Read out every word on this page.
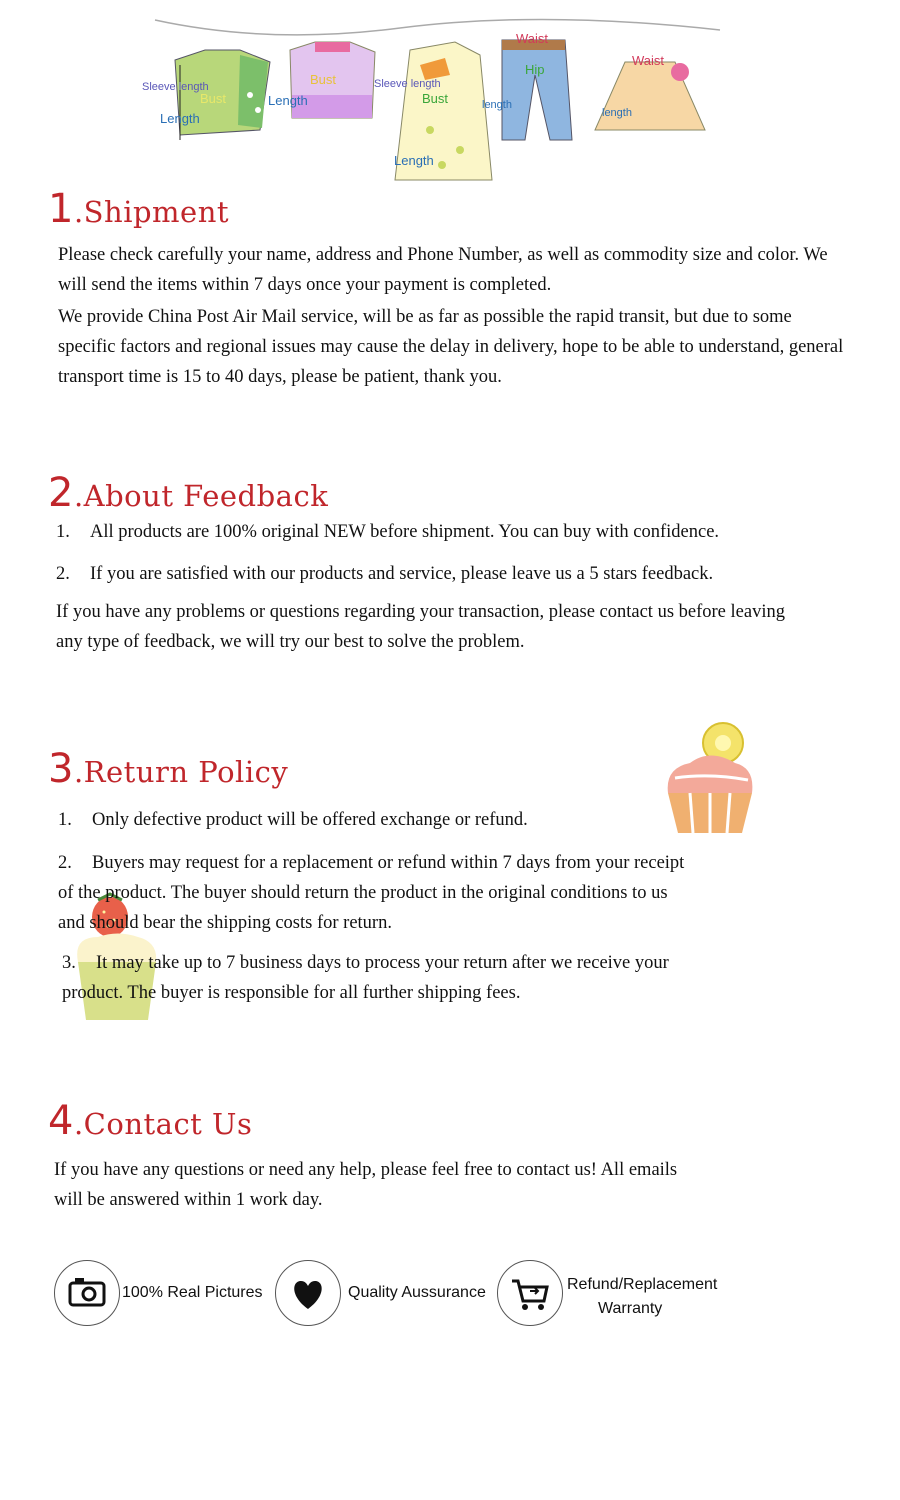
Sleeve length
Bust
Length
Bust
Length
Sleeve length
Bust
Length
Waist
Hip
length
Waist
length
1.Shipment

Please check carefully your name, address and Phone Number, as well as commodity size and color. We will send the items within 7 days once your payment is completed.

We provide China Post Air Mail service, will be as far as possible the rapid transit, but due to some specific factors and regional issues may cause the delay in delivery, hope to be able to understand, general transport time is 15 to 40 days, please be patient, thank you.

2.About Feedback
1. All products are 100% original NEW before shipment. You can buy with confidence.
2. If you are satisfied with our products and service, please leave us a 5 stars feedback.
If you have any problems or questions regarding your transaction, please contact us before leaving any type of feedback, we will try our best to solve the problem.
3.Return Policy
1. Only defective product will be offered exchange or refund.
2. Buyers may request for a replacement or refund within 7 days from your receipt of the product. The buyer should return the product in the original conditions to us and should bear the shipping costs for return.
3. It may take up to 7 business days to process your return after we receive your product. The buyer is responsible for all further shipping fees.
4.Contact Us
If you have any questions or need any help, please feel free to contact us! All emails will be answered within 1 work day.
100% Real Pictures	Quality Aussurance	Refund/Replacement
Warranty
